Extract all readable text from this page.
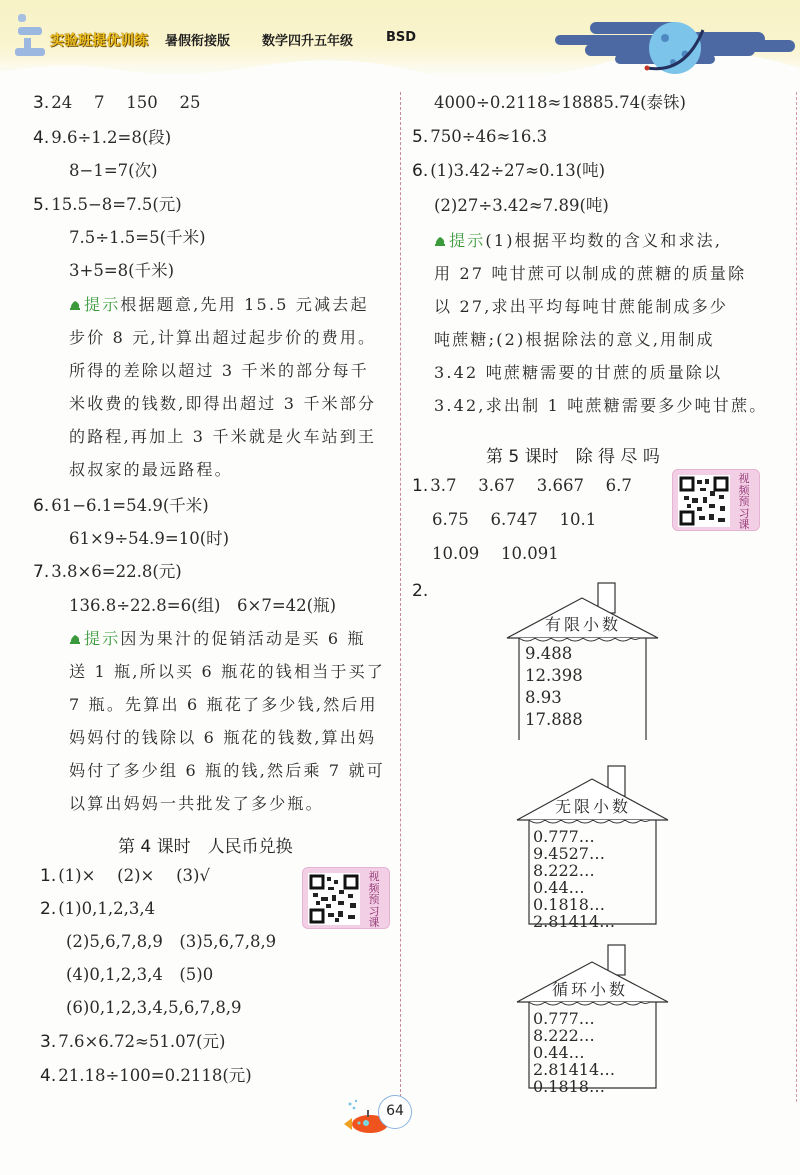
实验班提优训练 暑假衔接版 数学四升五年级	BSD
3. 24　 7　 150　 25
4. 9.6÷1.2=8(段)
8−1=7(次)
5. 15.5−8=7.5(元)
7.5÷1.5=5(千米)
3+5=8(千米)
提示根据题意,先用 15.5 元减去起
步价 8 元,计算出超过起步价的费用。
所得的差除以超过 3 千米的部分每千
米收费的钱数,即得出超过 3 千米部分
的路程,再加上 3 千米就是火车站到王
叔叔家的最远路程。
6. 61−6.1=54.9(千米)
61×9÷54.9=10(时)
7. 3.8×6=22.8(元)
136.8÷22.8=6(组)　6×7=42(瓶)
提示因为果汁的促销活动是买 6 瓶
送 1 瓶,所以买 6 瓶花的钱相当于买了
7 瓶。先算出 6 瓶花了多少钱,然后用
妈妈付的钱除以 6 瓶花的钱数,算出妈
妈付了多少组 6 瓶的钱,然后乘 7 就可
以算出妈妈一共批发了多少瓶。
第 4 课时　人民币兑换
1. (1)×　 (2)×　 (3)√
2. (1)0,1,2,3,4
(2)5,6,7,8,9　(3)5,6,7,8,9
(4)0,1,2,3,4　(5)0
(6)0,1,2,3,4,5,6,7,8,9
3. 7.6×6.72≈51.07(元)
4. 21.18÷100=0.2118(元)
视
频
预
习
课
4000÷0.2118≈18885.74(泰铢)
5. 750÷46≈16.3
6. (1)3.42÷27≈0.13(吨)
(2)27÷3.42≈7.89(吨)
提示(1)根据平均数的含义和求法,
用 27 吨甘蔗可以制成的蔗糖的质量除
以 27,求出平均每吨甘蔗能制成多少
吨蔗糖;(2)根据除法的意义,用制成
3.42 吨蔗糖需要的甘蔗的质量除以
3.42,求出制 1 吨蔗糖需要多少吨甘蔗。
第 5 课时　除 得 尽 吗
1. 3.7　 3.67　 3.667　 6.7
6.75　 6.747　 10.1
10.09　 10.091
2.
视
频
预
习
课
有限小数
9.48812.398
8.9317.888
无限小数
0.777…
9.4527…
8.222…
0.44…
0.1818…
2.81414…
循环小数
0.777…
8.222…
0.44…
2.81414…
0.1818…
64
